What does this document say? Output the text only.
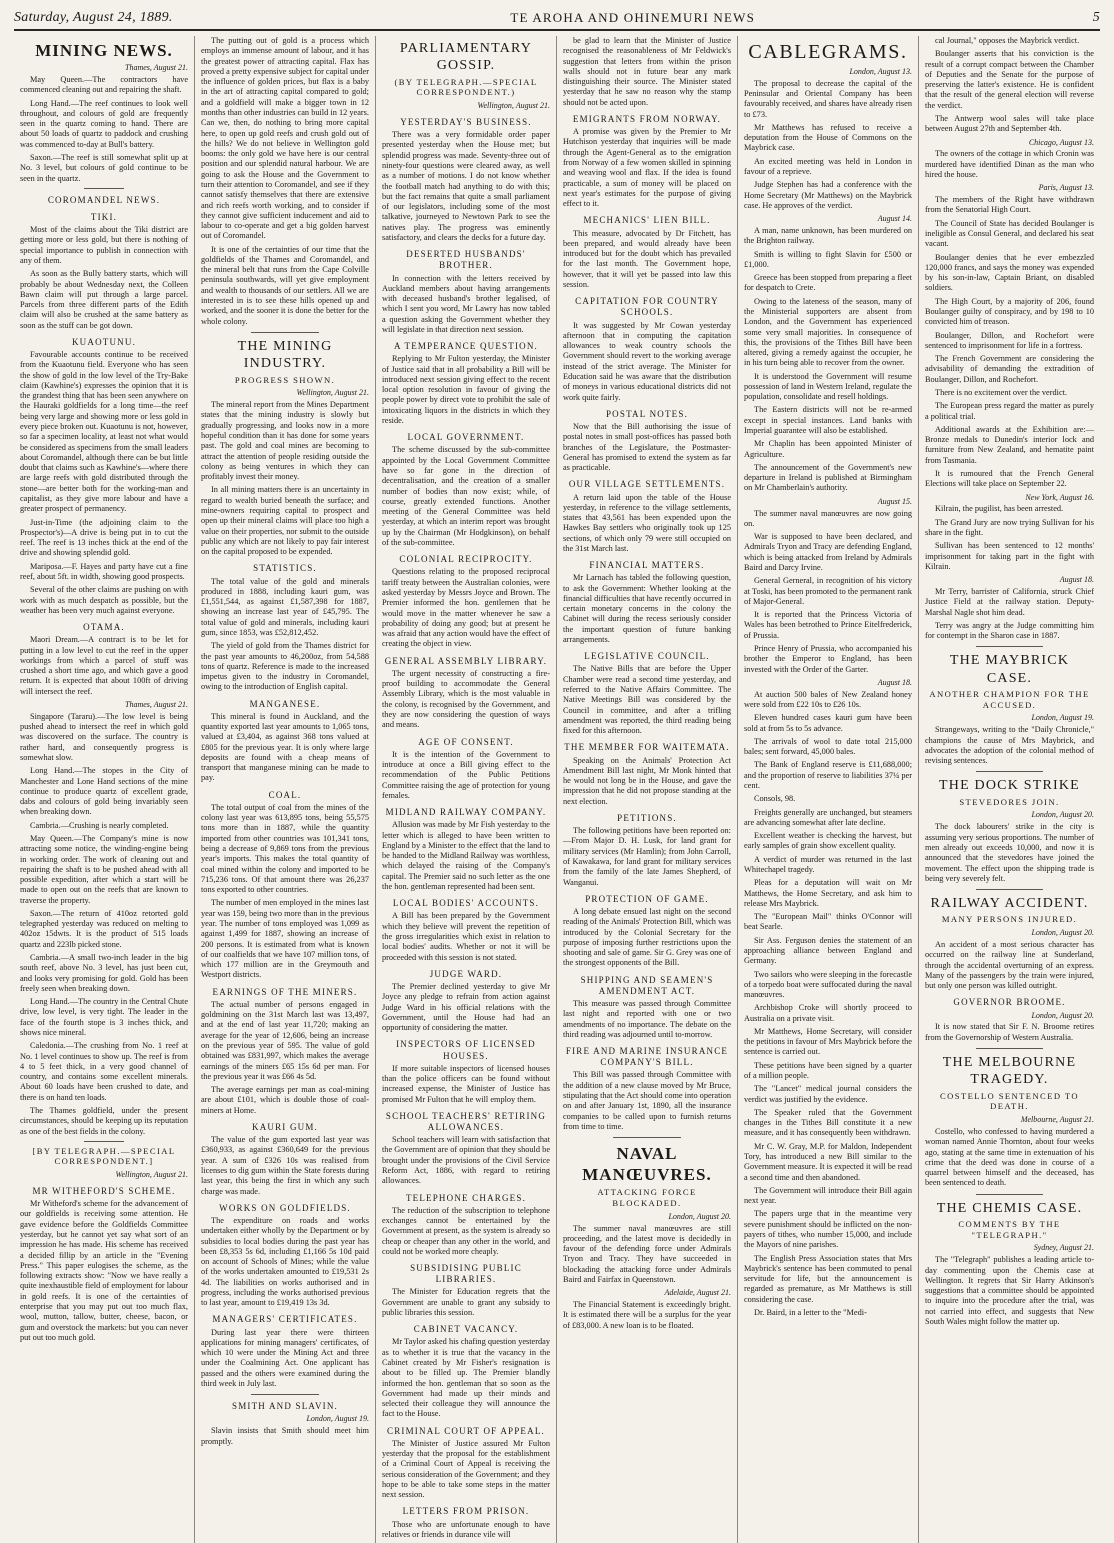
Saturday, August 24, 1889.	TE AROHA AND OHINEMURI NEWS	5
MINING NEWS.
Thames, August 21.

May Queen.—The contractors have commenced cleaning out and repairing the shaft.

Long Hand.—The reef continues to look well throughout, and colours of gold are frequently seen in the quartz coming to hand. There are about 50 loads of quartz to paddock and crushing was commenced to-day at Bull's battery.

Saxon.—The reef is still somewhat split up at No. 3 level, but colours of gold continue to be seen in the quartz.

COROMANDEL NEWS.
TIKI.

Most of the claims about the Tiki district are getting more or less gold, but there is nothing of special importance to publish in connection with any of them.

As soon as the Bully battery starts, which will probably be about Wednesday next, the Colleen Bawn claim will put through a large parcel. Parcels from three different parts of the Edith claim will also be crushed at the same battery as soon as the stuff can be got down.

KUAOTUNU.

Favourable accounts continue to be received from the Kuaotunu field. Everyone who has seen the show of gold in the low level of the Try-Bake claim (Kawhine's) expresses the opinion that it is the grandest thing that has been seen anywhere on the Hauraki goldfields for a long time—the reef being very large and showing more or less gold in every piece broken out. Kuaotunu is not, however, so far a specimen locality, at least not what would be considered as specimens from the small leaders about Coromandel, although there can be but little doubt that claims such as Kawhine's—where there are large reefs with gold distributed through the stone—are better both for the working-man and capitalist, as they give more labour and have a greater prospect of permanency.

Just-in-Time (the adjoining claim to the Prospector's)—A drive is being put in to cut the reef. The reef is 13 inches thick at the end of the drive and showing splendid gold.

Mariposa.—F. Hayes and party have cut a fine reef, about 5ft. in width, showing good prospects.

Several of the other claims are pushing on with work with as much despatch as possible, but the weather has been very much against everyone.

OTAMA.

Maori Dream.—A contract is to be let for putting in a low level to cut the reef in the upper workings from which a parcel of stuff was crushed a short time ago, and which gave a good return. It is expected that about 100ft of driving will intersect the reef.

Thames, August 21.

Singapore (Tararu).—The low level is being pushed ahead to intersect the reef in which gold was discovered on the surface. The country is rather hard, and consequently progress is somewhat slow.

Long Hand.—The stopes in the City of Manchester and Lone Hand sections of the mine continue to produce quartz of excellent grade, dabs and colours of gold being invariably seen when breaking down.

Cambria.—Crushing is nearly completed.

May Queen.—The Company's mine is now attracting some notice, the winding-engine being in working order. The work of cleaning out and repairing the shaft is to be pushed ahead with all possible expedition, after which a start will be made to open out on the reefs that are known to traverse the property.

Saxon.—The return of 410oz retorted gold telegraphed yesterday was reduced on melting to 402oz 15dwts. It is the product of 515 loads quartz and 223lb picked stone.

Cambria.—A small two-inch leader in the big south reef, above No. 3 level, has just been cut, and looks very promising for gold. Gold has been freely seen when breaking down.

Long Hand.—The country in the Central Chute drive, low level, is very tight. The leader in the face of the fourth stope is 3 inches thick, and shows nice mineral.

Caledonia.—The crushing from No. 1 reef at No. 1 level continues to show up. The reef is from 4 to 5 feet thick, in a very good channel of country, and contains some excellent minerals. About 60 loads have been crushed to date, and there is on hand ten loads.

The Thames goldfield, under the present circumstances, should be keeping up its reputation as one of the best fields in the colony.

[BY TELEGRAPH.—SPECIAL CORRESPONDENT.]
Wellington, August 21.
MR WITHEFORD'S SCHEME.

Mr Witheford's scheme for the advancement of our goldfields is receiving some attention. He gave evidence before the Goldfields Committee yesterday, but he cannot yet say what sort of an impression he has made. His scheme has received a decided fillip by an article in the "Evening Press." This paper eulogises the scheme, as the following extracts show: "Now we have really a quite inexhaustible field of employment for labour in gold reefs. It is one of the certainties of enterprise that you may put out too much flax, wool, mutton, tallow, butter, cheese, bacon, or gum and overstock the markets: but you can never put out too much gold.

The putting out of gold is a process which employs an immense amount of labour, and it has the greatest power of attracting capital. Flax has proved a pretty expensive subject for capital under the influence of golden prices, but flax is a baby in the art of attracting capital compared to gold; and a goldfield will make a bigger town in 12 months than other industries can build in 12 years. Can we, then, do nothing to bring more capital here, to open up gold reefs and crush gold out of the hills? We do not believe in Wellington gold booms: the only gold we have here is our central position and our splendid natural harbour. We are going to ask the House and the Government to turn their attention to Coromandel, and see if they cannot satisfy themselves that there are extensive and rich reefs worth working, and to consider if they cannot give sufficient inducement and aid to labour to co-operate and get a big golden harvest out of Coromandel.

It is one of the certainties of our time that the goldfields of the Thames and Coromandel, and the mineral belt that runs from the Cape Colville peninsula southwards, will yet give employment and wealth to thousands of our settlers. All we are interested in is to see these hills opened up and worked, and the sooner it is done the better for the whole colony.

THE MINING INDUSTRY.
PROGRESS SHOWN.
Wellington, August 21.

The mineral report from the Mines Department states that the mining industry is slowly but gradually progressing, and looks now in a more hopeful condition than it has done for some years past. The gold and coal mines are becoming to attract the attention of people residing outside the colony as being ventures in which they can profitably invest their money.

In all mining matters there is an uncertainty in regard to wealth buried beneath the surface; and mine-owners requiring capital to prospect and open up their mineral claims will place too high a value on their properties, nor submit to the outside public any which are not likely to pay fair interest on the capital proposed to be expended.

STATISTICS.

The total value of the gold and minerals produced in 1888, including kauri gum, was £1,551,544, as against £1,587,398 for 1887, showing an increase last year of £45,795. The total value of gold and minerals, including kauri gum, since 1853, was £52,812,452.

The yield of gold from the Thames district for the past year amounts to 46,200oz, from 54,588 tons of quartz. Reference is made to the increased impetus given to the industry in Coromandel, owing to the introduction of English capital.

MANGANESE.

This mineral is found in Auckland, and the quantity exported last year amounts to 1,065 tons, valued at £3,404, as against 368 tons valued at £805 for the previous year. It is only where large deposits are found with a cheap means of transport that manganese mining can be made to pay.

COAL.

The total output of coal from the mines of the colony last year was 613,895 tons, being 55,575 tons more than in 1887, while the quantity imported from other countries was 101,341 tons, being a decrease of 9,869 tons from the previous year's imports. This makes the total quantity of coal mined within the colony and imported to be 715,236 tons. Of that amount there was 26,237 tons exported to other countries.

The number of men employed in the mines last year was 159, being two more than in the previous year. The number of tons employed was 1,099 as against 1,499 for 1887, showing an increase of 200 persons. It is estimated from what is known of our coalfields that we have 107 million tons, of which 177 million are in the Greymouth and Westport districts.

EARNINGS OF THE MINERS.

The actual number of persons engaged in goldmining on the 31st March last was 13,497, and at the end of last year 11,720; making an average for the year of 12,606, being an increase on the previous year of 595. The value of gold obtained was £831,997, which makes the average earnings of the miners £65 15s 6d per man. For the previous year it was £66 4s 5d.

The average earnings per man as coal-mining are about £101, which is double those of coal-miners at Home.

KAURI GUM.

The value of the gum exported last year was £360,933, as against £360,649 for the previous year. A sum of £326 10s was realised from licenses to dig gum within the State forests during last year, this being the first in which any such charge was made.

WORKS ON GOLDFIELDS.

The expenditure on roads and works undertaken either wholly by the Department or by subsidies to local bodies during the past year has been £8,353 5s 6d, including £1,166 5s 10d paid on account of Schools of Mines; while the value of the works undertaken amounted to £19,531 2s 4d. The liabilities on works authorised and in progress, including the works authorised previous to last year, amount to £19,419 13s 3d.

MANAGERS' CERTIFICATES.

During last year there were thirteen applications for mining managers' certificates, of which 10 were under the Mining Act and three under the Coalmining Act. One applicant has passed and the others were examined during the third week in July last.

SMITH AND SLAVIN.
London, August 19.

Slavin insists that Smith should meet him promptly.

PARLIAMENTARY GOSSIP.
(BY TELEGRAPH.—SPECIAL CORRESPONDENT.)
Wellington, August 21.
YESTERDAY'S BUSINESS.

There was a very formidable order paper presented yesterday when the House met; but splendid progress was made. Seventy-three out of ninety-four questions were cleared away, as well as a number of motions. I do not know whether the football match had anything to do with this; but the fact remains that quite a small parliament of our legislators, including some of the most talkative, journeyed to Newtown Park to see the natives play. The progress was eminently satisfactory, and clears the decks for a future day.

DESERTED HUSBANDS' BROTHER.

In connection with the letters received by Auckland members about having arrangements with deceased husband's brother legalised, of which I sent you word, Mr Lawry has now tabled a question asking the Government whether they will legislate in that direction next session.

A TEMPERANCE QUESTION.

Replying to Mr Fulton yesterday, the Minister of Justice said that in all probability a Bill will be introduced next session giving effect to the recent local option resolution in favour of giving the people power by direct vote to prohibit the sale of intoxicating liquors in the districts in which they reside.

LOCAL GOVERNMENT.

The scheme discussed by the sub-committee appointed by the Local Government Committee have so far gone in the direction of decentralisation, and the creation of a smaller number of bodies than now exist; while, of course, greatly extended functions. Another meeting of the General Committee was held yesterday, at which an interim report was brought up by the Chairman (Mr Hodgkinson), on behalf of the sub-committee.

COLONIAL RECIPROCITY.

Questions relating to the proposed reciprocal tariff treaty between the Australian colonies, were asked yesterday by Messrs Joyce and Brown. The Premier informed the hon. gentlemen that he would move in the matter whenever he saw a probability of doing any good; but at present he was afraid that any action would have the effect of creating the object in view.

GENERAL ASSEMBLY LIBRARY.

The urgent necessity of constructing a fire-proof building to accommodate the General Assembly Library, which is the most valuable in the colony, is recognised by the Government, and they are now considering the question of ways and means.

AGE OF CONSENT.

It is the intention of the Government to introduce at once a Bill giving effect to the recommendation of the Public Petitions Committee raising the age of protection for young females.

MIDLAND RAILWAY COMPANY.

Allusion was made by Mr Fish yesterday to the letter which is alleged to have been written to England by a Minister to the effect that the land to be handed to the Midland Railway was worthless, which delayed the raising of the Company's capital. The Premier said no such letter as the one the hon. gentleman represented had been sent.

LOCAL BODIES' ACCOUNTS.

A Bill has been prepared by the Government which they believe will prevent the repetition of the gross irregularities which exist in relation to local bodies' audits. Whether or not it will be proceeded with this session is not stated.

JUDGE WARD.

The Premier declined yesterday to give Mr Joyce any pledge to refrain from action against Judge Ward in his official relations with the Government, until the House had had an opportunity of considering the matter.

INSPECTORS OF LICENSED HOUSES.

If more suitable inspectors of licensed houses than the police officers can be found without increased expense, the Minister of Justice has promised Mr Fulton that he will employ them.

SCHOOL TEACHERS' RETIRING ALLOWANCES.

School teachers will learn with satisfaction that the Government are of opinion that they should be brought under the provisions of the Civil Service Reform Act, 1886, with regard to retiring allowances.

TELEPHONE CHARGES.

The reduction of the subscription to telephone exchanges cannot be entertained by the Government at present, as the system is already so cheap or cheaper than any other in the world, and could not be worked more cheaply.

SUBSIDISING PUBLIC LIBRARIES.

The Minister for Education regrets that the Government are unable to grant any subsidy to public libraries this session.

CABINET VACANCY.

Mr Taylor asked his chafing question yesterday as to whether it is true that the vacancy in the Cabinet created by Mr Fisher's resignation is about to be filled up. The Premier blandly informed the hon. gentleman that so soon as the Government had made up their minds and selected their colleague they will announce the fact to the House.

CRIMINAL COURT OF APPEAL.

The Minister of Justice assured Mr Fulton yesterday that the proposal for the establishment of a Criminal Court of Appeal is receiving the serious consideration of the Government; and they hope to be able to take some steps in the matter next session.

LETTERS FROM PRISON.

Those who are unfortunate enough to have relatives or friends in durance vile will

be glad to learn that the Minister of Justice recognised the reasonableness of Mr Feldwick's suggestion that letters from within the prison walls should not in future bear any mark distinguishing their source. The Minister stated yesterday that he saw no reason why the stamp should not be acted upon.

EMIGRANTS FROM NORWAY.

A promise was given by the Premier to Mr Hutchison yesterday that inquiries will be made through the Agent-General as to the emigration from Norway of a few women skilled in spinning and weaving wool and flax. If the idea is found practicable, a sum of money will be placed on next year's estimates for the purpose of giving effect to it.

MECHANICS' LIEN BILL.

This measure, advocated by Dr Fitchett, has been prepared, and would already have been introduced but for the doubt which has prevailed for the last month. The Government hope, however, that it will yet be passed into law this session.

CAPITATION FOR COUNTRY SCHOOLS.

It was suggested by Mr Cowan yesterday afternoon that in computing the capitation allowances to weak country schools the Government should revert to the working average instead of the strict average. The Minister for Education said he was aware that the distribution of moneys in various educational districts did not work quite fairly.

POSTAL NOTES.

Now that the Bill authorising the issue of postal notes in small post-offices has passed both branches of the Legislature, the Postmaster-General has promised to extend the system as far as practicable.

OUR VILLAGE SETTLEMENTS.

A return laid upon the table of the House yesterday, in reference to the village settlements, states that 43,561 has been expended upon the Hawkes Bay settlers who originally took up 125 sections, of which only 79 were still occupied on the 31st March last.

FINANCIAL MATTERS.

Mr Larnach has tabled the following question, to ask the Government: Whether looking at the financial difficulties that have recently occurred in certain monetary concerns in the colony the Cabinet will during the recess seriously consider the important question of future banking arrangements.

LEGISLATIVE COUNCIL.

The Native Bills that are before the Upper Chamber were read a second time yesterday, and referred to the Native Affairs Committee. The Native Meetings Bill was considered by the Council in committee, and after a trifling amendment was reported, the third reading being fixed for this afternoon.

THE MEMBER FOR WAITEMATA.

Speaking on the Animals' Protection Act Amendment Bill last night, Mr Monk hinted that he would not long be in the House, and gave the impression that he did not propose standing at the next election.

PETITIONS.

The following petitions have been reported on:—From Major D. H. Lusk, for land grant for military services (Mr Hamlin); from John Carroll, of Kawakawa, for land grant for military services from the family of the late James Shepherd, of Wanganui.

PROTECTION OF GAME.

A long debate ensued last night on the second reading of the Animals' Protection Bill, which was introduced by the Colonial Secretary for the purpose of imposing further restrictions upon the shooting and sale of game. Sir G. Grey was one of the strongest opponents of the Bill.

SHIPPING AND SEAMEN'S AMENDMENT ACT.

This measure was passed through Committee last night and reported with one or two amendments of no importance. The debate on the third reading was adjourned until to-morrow.

FIRE AND MARINE INSURANCE COMPANY'S BILL.

This Bill was passed through Committee with the addition of a new clause moved by Mr Bruce, stipulating that the Act should come into operation on and after January 1st, 1890, all the insurance companies to be called upon to furnish returns from time to time.

NAVAL MANŒUVRES.
ATTACKING FORCE BLOCKADED.
London, August 20.

The summer naval manœuvres are still proceeding, and the latest move is decidedly in favour of the defending force under Admirals Tryon and Tracy. They have succeeded in blockading the attacking force under Admirals Baird and Fairfax in Queenstown.

Adelaide, August 21.

The Financial Statement is exceedingly bright. It is estimated there will be a surplus for the year of £83,000. A new loan is to be floated.

CABLEGRAMS.
London, August 13.

The proposal to decrease the capital of the Peninsular and Oriental Company has been favourably received, and shares have already risen to £73.

Mr Matthews has refused to receive a deputation from the House of Commons on the Maybrick case.

An excited meeting was held in London in favour of a reprieve.

Judge Stephen has had a conference with the Home Secretary (Mr Matthews) on the Maybrick case. He approves of the verdict.

August 14.

A man, name unknown, has been murdered on the Brighton railway.

Smith is willing to fight Slavin for £500 or £1,000.

Greece has been stopped from preparing a fleet for despatch to Crete.

Owing to the lateness of the season, many of the Ministerial supporters are absent from London, and the Government has experienced some very small majorities. In consequence of this, the provisions of the Tithes Bill have been altered, giving a remedy against the occupier, he in his turn being able to recover from the owner.

It is understood the Government will resume possession of land in Western Ireland, regulate the population, consolidate and resell holdings.

The Eastern districts will not be re-armed except in special instances. Land banks with Imperial guarantee will also be established.

Mr Chaplin has been appointed Minister of Agriculture.

The announcement of the Government's new departure in Ireland is published at Birmingham on Mr Chamberlain's authority.

August 15.

The summer naval manœuvres are now going on.

War is supposed to have been declared, and Admirals Tryon and Tracy are defending England, which is being attacked from Ireland by Admirals Baird and Darcy Irvine.

General Gerneral, in recognition of his victory at Toski, has been promoted to the permanent rank of Major-General.

It is reported that the Princess Victoria of Wales has been betrothed to Prince Eitelfrederick, of Prussia.

Prince Henry of Prussia, who accompanied his brother the Emperor to England, has been invested with the Order of the Garter.

August 18.

At auction 500 bales of New Zealand honey were sold from £22 10s to £26 10s.

Eleven hundred cases kauri gum have been sold at from 5s to 5s advance.

The arrivals of wool to date total 215,000 bales; sent forward, 45,000 bales.

The Bank of England reserve is £11,688,000; and the proportion of reserve to liabilities 37¼ per cent.

Consols, 98.

Freights generally are unchanged, but steamers are advancing somewhat after late decline.

Excellent weather is checking the harvest, but early samples of grain show excellent quality.

A verdict of murder was returned in the last Whitechapel tragedy.

Pleas for a deputation will wait on Mr Matthews, the Home Secretary, and ask him to release Mrs Maybrick.

The "European Mail" thinks O'Connor will beat Searle.

Sir Ass. Ferguson denies the statement of an approaching alliance between England and Germany.

Two sailors who were sleeping in the forecastle of a torpedo boat were suffocated during the naval manœuvres.

Archbishop Croke will shortly proceed to Australia on a private visit.

Mr Matthews, Home Secretary, will consider the petitions in favour of Mrs Maybrick before the sentence is carried out.

These petitions have been signed by a quarter of a million people.

The "Lancet" medical journal considers the verdict was justified by the evidence.

The Speaker ruled that the Government changes in the Tithes Bill constitute it a new measure, and it has consequently been withdrawn.

Mr C. W. Gray, M.P. for Maldon, Independent Tory, has introduced a new Bill similar to the Government measure. It is expected it will be read a second time and then abandoned.

The Government will introduce their Bill again next year.

The papers urge that in the meantime very severe punishment should be inflicted on the non-payers of tithes, who number 15,000, and include the Mayors of nine parishes.

The English Press Association states that Mrs Maybrick's sentence has been commuted to penal servitude for life, but the announcement is regarded as premature, as Mr Matthews is still considering the case.

Dr. Baird, in a letter to the "Medi-

cal Journal," opposes the Maybrick verdict.

Boulanger asserts that his conviction is the result of a corrupt compact between the Chamber of Deputies and the Senate for the purpose of preserving the latter's existence. He is confident that the result of the general election will reverse the verdict.

The Antwerp wool sales will take place between August 27th and September 4th.

Chicago, August 13.

The owners of the cottage in which Cronin was murdered have identified Dinan as the man who hired the house.

Paris, August 13.

The members of the Right have withdrawn from the Senatorial High Court.

The Council of State has decided Boulanger is ineligible as Consul General, and declared his seat vacant.

Boulanger denies that he ever embezzled 120,000 francs, and says the money was expended by his son-in-law, Captain Briant, on disabled soldiers.

The High Court, by a majority of 206, found Boulanger guilty of conspiracy, and by 198 to 10 convicted him of treason.

Boulanger, Dillon, and Rochefort were sentenced to imprisonment for life in a fortress.

The French Government are considering the advisability of demanding the extradition of Boulanger, Dillon, and Rochefort.

There is no excitement over the verdict.

The European press regard the matter as purely a political trial.

Additional awards at the Exhibition are:—Bronze medals to Dunedin's interior lock and furniture from New Zealand, and hematite paint from Tasmania.

It is rumoured that the French General Elections will take place on September 22.

New York, August 16.

Kilrain, the pugilist, has been arrested.

The Grand Jury are now trying Sullivan for his share in the fight.

Sullivan has been sentenced to 12 months' imprisonment for taking part in the fight with Kilrain.

August 18.

Mr Terry, barrister of California, struck Chief Justice Field at the railway station. Deputy-Marshal Nagle shot him dead.

Terry was angry at the Judge committing him for contempt in the Sharon case in 1887.

THE MAYBRICK CASE.
ANOTHER CHAMPION FOR THE ACCUSED.
London, August 19.

Strangeways, writing to the "Daily Chronicle," champions the cause of Mrs Maybrick, and advocates the adoption of the colonial method of revising sentences.

THE DOCK STRIKE
STEVEDORES JOIN.
London, August 20.

The dock labourers' strike in the city is assuming very serious proportions. The number of men already out exceeds 10,000, and now it is announced that the stevedores have joined the movement. The effect upon the shipping trade is being very severely felt.

RAILWAY ACCIDENT.
MANY PERSONS INJURED.
London, August 20.

An accident of a most serious character has occurred on the railway line at Sunderland, through the accidental overturning of an express. Many of the passengers by the train were injured, but only one person was killed outright.

GOVERNOR BROOME.
London, August 20.

It is now stated that Sir F. N. Broome retires from the Governorship of Western Australia.

THE MELBOURNE TRAGEDY.
COSTELLO SENTENCED TO DEATH.
Melbourne, August 21.

Costello, who confessed to having murdered a woman named Annie Thornton, about four weeks ago, stating at the same time in extenuation of his crime that the deed was done in course of a quarrel between himself and the deceased, has been sentenced to death.

THE CHEMIS CASE.
COMMENTS BY THE "TELEGRAPH."
Sydney, August 21.

The "Telegraph" publishes a leading article to-day commenting upon the Chemis case at Wellington. It regrets that Sir Harry Atkinson's suggestions that a committee should be appointed to inquire into the procedure after the trial, was not carried into effect, and suggests that New South Wales might follow the matter up.
